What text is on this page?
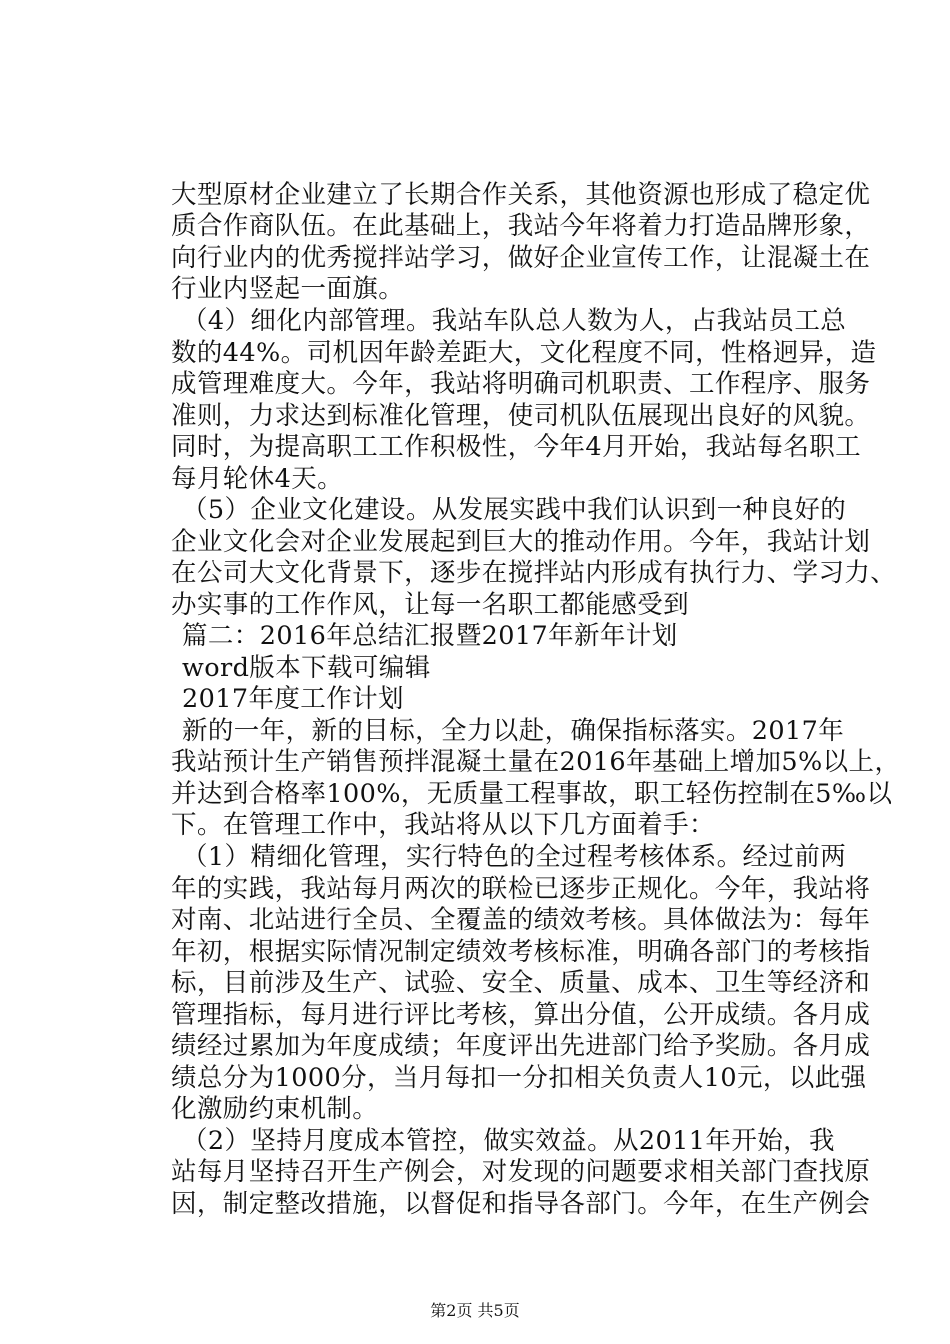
大型原材企业建立了长期合作关系，其他资源也形成了稳定优
质合作商队伍。在此基础上，我站今年将着力打造品牌形象，
向行业内的优秀搅拌站学习，做好企业宣传工作，让混凝土在
行业内竖起一面旗。
（4）细化内部管理。我站车队总人数为人，占我站员工总
数的44%。司机因年龄差距大，文化程度不同，性格迥异，造
成管理难度大。今年，我站将明确司机职责、工作程序、服务
准则，力求达到标准化管理，使司机队伍展现出良好的风貌。
同时，为提高职工工作积极性，今年4月开始，我站每名职工
每月轮休4天。
（5）企业文化建设。从发展实践中我们认识到一种良好的
企业文化会对企业发展起到巨大的推动作用。今年，我站计划
在公司大文化背景下，逐步在搅拌站内形成有执行力、学习力、
办实事的工作作风，让每一名职工都能感受到
篇二：2016年总结汇报暨2017年新年计划
word版本下载可编辑
2017年度工作计划
新的一年，新的目标，全力以赴，确保指标落实。2017年
我站预计生产销售预拌混凝土量在2016年基础上增加5%以上，
并达到合格率100%，无质量工程事故，职工轻伤控制在5‰以
下。在管理工作中，我站将从以下几方面着手：
（1）精细化管理，实行特色的全过程考核体系。经过前两
年的实践，我站每月两次的联检已逐步正规化。今年，我站将
对南、北站进行全员、全覆盖的绩效考核。具体做法为：每年
年初，根据实际情况制定绩效考核标准，明确各部门的考核指
标，目前涉及生产、试验、安全、质量、成本、卫生等经济和
管理指标，每月进行评比考核，算出分值，公开成绩。各月成
绩经过累加为年度成绩；年度评出先进部门给予奖励。各月成
绩总分为1000分，当月每扣一分扣相关负责人10元，以此强
化激励约束机制。
（2）坚持月度成本管控，做实效益。从2011年开始，我
站每月坚持召开生产例会，对发现的问题要求相关部门查找原
因，制定整改措施，以督促和指导各部门。今年，在生产例会
第2页 共5页
